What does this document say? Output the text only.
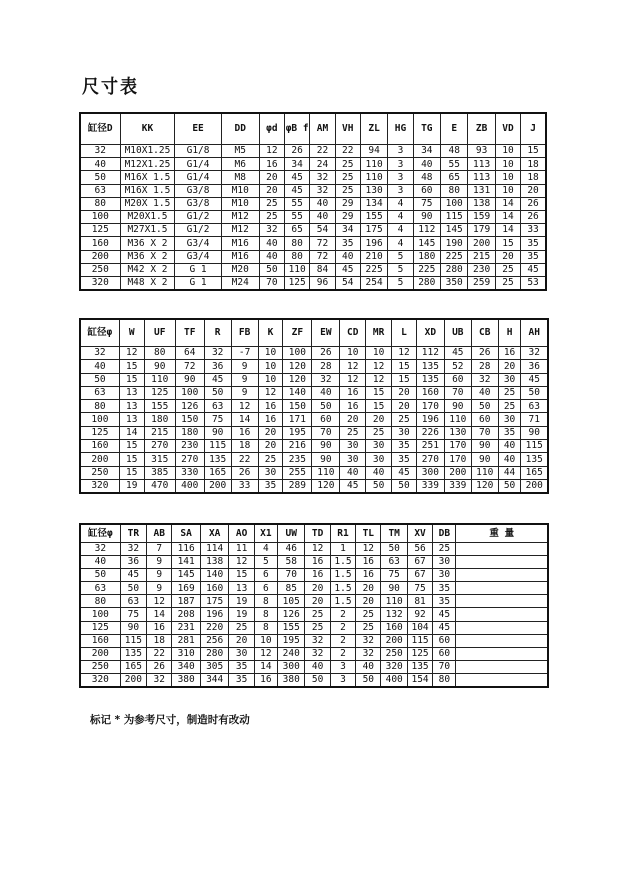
尺寸表
缸径D	KK	EE	DD	φd	φB f	AM	VH	ZL	HG	TG	E	ZB	VD	J
32	M10X1.25	G1/8	M5	12	26	22	22	94	3	34	48	93	10	15
40	M12X1.25	G1/4	M6	16	34	24	25	110	3	40	55	113	10	18
50	M16X 1.5	G1/4	M8	20	45	32	25	110	3	48	65	113	10	18
63	M16X 1.5	G3/8	M10	20	45	32	25	130	3	60	80	131	10	20
80	M20X 1.5	G3/8	M10	25	55	40	29	134	4	75	100	138	14	26
100	M20X1.5	G1/2	M12	25	55	40	29	155	4	90	115	159	14	26
125	M27X1.5	G1/2	M12	32	65	54	34	175	4	112	145	179	14	33
160	M36 X 2	G3/4	M16	40	80	72	35	196	4	145	190	200	15	35
200	M36 X 2	G3/4	M16	40	80	72	40	210	5	180	225	215	20	35
250	M42 X 2	G 1	M20	50	110	84	45	225	5	225	280	230	25	45
320	M48 X 2	G 1	M24	70	125	96	54	254	5	280	350	259	25	53
缸径φ	W	UF	TF	R	FB	K	ZF	EW	CD	MR	L	XD	UB	CB	H	AH
32	12	80	64	32	-7	10	100	26	10	10	12	112	45	26	16	32
40	15	90	72	36	9	10	120	28	12	12	15	135	52	28	20	36
50	15	110	90	45	9	10	120	32	12	12	15	135	60	32	30	45
63	13	125	100	50	9	12	140	40	16	15	20	160	70	40	25	50
80	13	155	126	63	12	16	150	50	16	15	20	170	90	50	25	63
100	13	180	150	75	14	16	171	60	20	20	25	196	110	60	30	71
125	14	215	180	90	16	20	195	70	25	25	30	226	130	70	35	90
160	15	270	230	115	18	20	216	90	30	30	35	251	170	90	40	115
200	15	315	270	135	22	25	235	90	30	30	35	270	170	90	40	135
250	15	385	330	165	26	30	255	110	40	40	45	300	200	110	44	165
320	19	470	400	200	33	35	289	120	45	50	50	339	339	120	50	200
缸径φ	TR	AB	SA	XA	AO	X1	UW	TD	R1	TL	TM	XV	DB	重 量
32	32	7	116	114	11	4	46	12	1	12	50	56	25	
40	36	9	141	138	12	5	58	16	1.5	16	63	67	30	
50	45	9	145	140	15	6	70	16	1.5	16	75	67	30	
63	50	9	169	160	13	6	85	20	1.5	20	90	75	35	
80	63	12	187	175	19	8	105	20	1.5	20	110	81	35	
100	75	14	208	196	19	8	126	25	2	25	132	92	45	
125	90	16	231	220	25	8	155	25	2	25	160	104	45	
160	115	18	281	256	20	10	195	32	2	32	200	115	60	
200	135	22	310	280	30	12	240	32	2	32	250	125	60	
250	165	26	340	305	35	14	300	40	3	40	320	135	70	
320	200	32	380	344	35	16	380	50	3	50	400	154	80	
标记 * 为参考尺寸，制造时有改动
